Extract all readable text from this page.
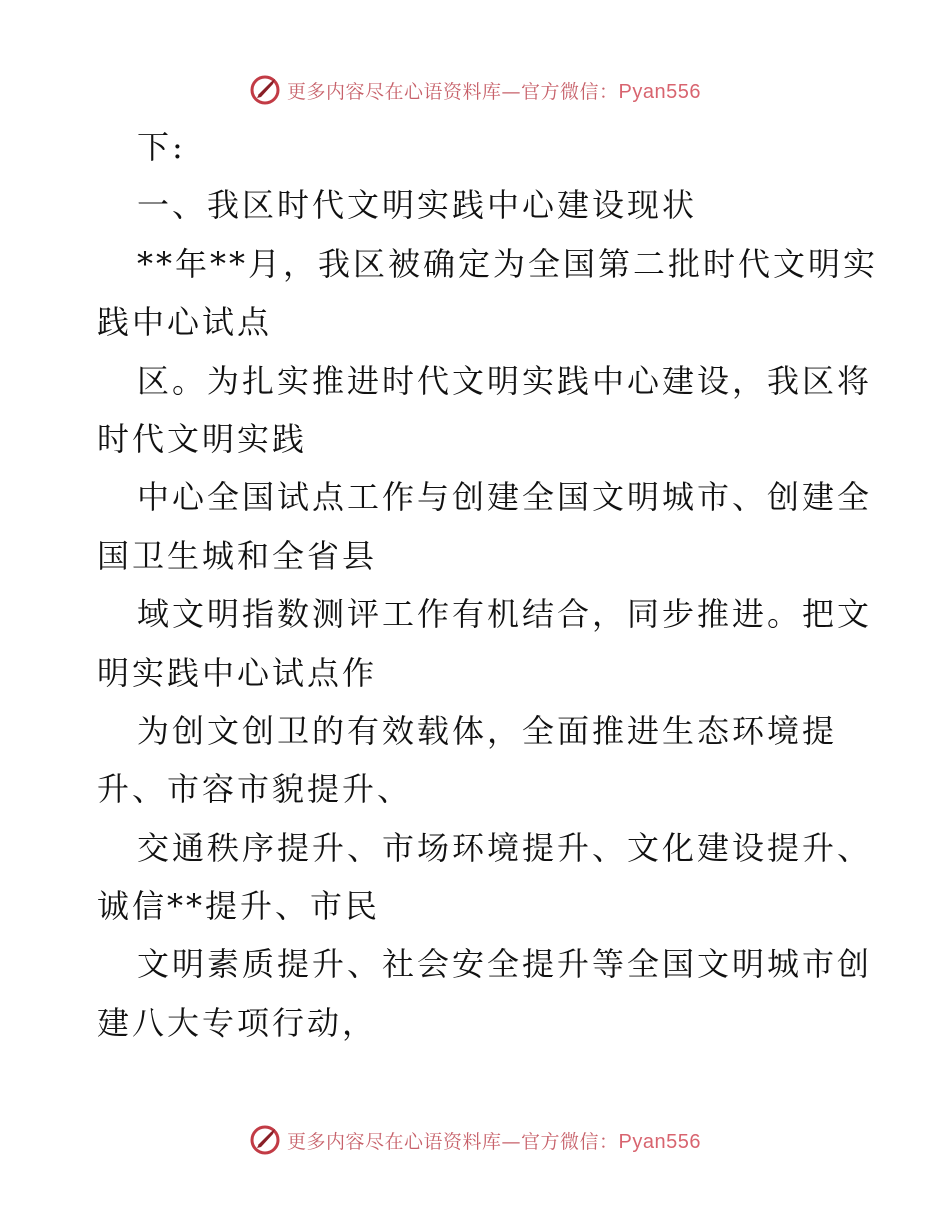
更多内容尽在心语资料库—官方微信：Pyan556
下:
一、我区时代文明实践中心建设现状
**年**月，我区被确定为全国第二批时代文明实
践中心试点
区。为扎实推进时代文明实践中心建设，我区将
时代文明实践
中心全国试点工作与创建全国文明城市、创建全
国卫生城和全省县
域文明指数测评工作有机结合，同步推进。把文
明实践中心试点作
为创文创卫的有效载体，全面推进生态环境提
升、市容市貌提升、
交通秩序提升、市场环境提升、文化建设提升、
诚信**提升、市民
文明素质提升、社会安全提升等全国文明城市创
建八大专项行动，
更多内容尽在心语资料库—官方微信：Pyan556
